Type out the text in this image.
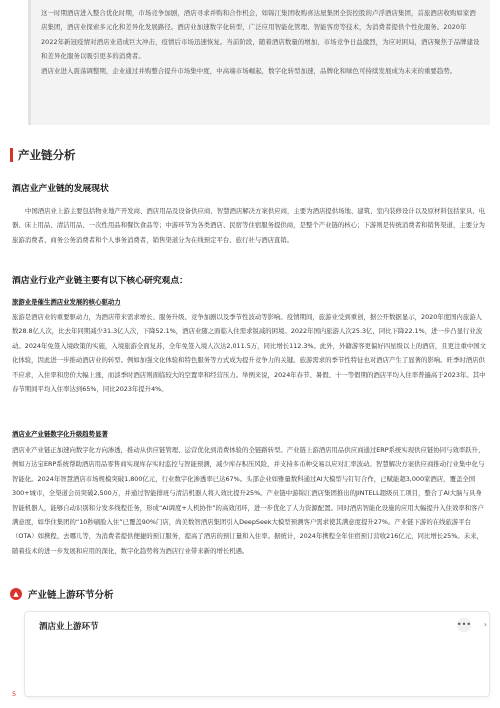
这一时期酒店进入整合优化时期，市场竞争加剧，酒店寻求并购和合作机会，如锦江集团收购喜达屋集团全资控股的卢浮酒店集团，首旅酒店收购如家酒店集团，酒店业探索多元化和差异化发展路径。酒店业加速数字化转型，广泛应用智能化管理、智能客房等技术，为消费者提供个性化服务。2020年2022年新冠疫情对酒店业造成巨大冲击，疫情后市场迅速恢复。当前阶段，随着酒店数量的增加，市场竞争日益激烈，为应对困局，酒店聚焦于品牌建设和差异化服务以吸引更多的消费者。

酒店业进入震荡调整期，企业通过并购整合提升市场集中度，中高端市场崛起，数字化转型加速，品牌化和绿色可持续发展成为未来的重要趋势。

产业链分析
酒店业产业链的发展现状
中国酒店业上游主要包括物业地产开发商、酒店用品及设备供应商、智慧酒店解决方案供应商，主要为酒店提供场地、建筑、室内装修设计以及原材料包括家具、电器、床上用品、清洁用品、一次性用品和餐饮食品等；中游环节为各类酒店、民宿等住宿服务提供商，是整个产业链的核心；下游则是传统消费者和销售渠道，主要分为旅游消费者、商务公务消费者和个人事务消费者，销售渠道分为在线预定平台、旅行社与酒店直销。
酒店业行业产业链主要有以下核心研究观点：
旅游业是催生酒店业发展的核心驱动力
旅游是酒店业的重要驱动力，为酒店带来需求增长、服务升级、竞争加剧以及季节性波动等影响。疫情期间，旅游业受到重创，据公开数据显示，2020年度国内旅游人数28.8亿人次，比去年同期减少31.3亿人次，下降52.1%，酒店业随之面临入住需求锐减的困境。2022年国内旅游人次25.3亿，同比下降22.1%，进一步凸显行业波动。2024年免签入境政策的实施，入境旅游全面复苏，全年免签入境人次达2,011.5万，同比增长112.3%。此外，外籍游客更偏好四星级以上的酒店，且更注重中国文化体验，因此进一步推动酒店业的转型。例如加强文化体验和特色服务等方式成为提升竞争力的关键。旅游需求的季节性特征也对酒店产生了显著的影响。旺季时酒店供不应求，入住率和房价大幅上涨，而淡季时酒店则面临较大的空置率和经营压力。举例来说，2024年春节、暑假、十一等假期的酒店平均入住率普遍高于2023年。其中春节期间平均入住率达到65%，同比2023年提升4%。
酒店业产业链数字化升级趋势显著
酒店业产业链正加速向数字化方向渗透，推动从供应链管理、运营优化到消费体验的全链路转型。产业链上游酒店用品供应商通过ERP系统实现供应链协同与效率跃升，例如万达宝ERP系统帮助酒店用品零售商实现库存实时监控与智能预测，减少库存积压风险，并支持多币种交易以应对汇率波动。智慧解决方案供应商推动行业集中化与智能化。2024年智慧酒店市场规模突破1,800亿元，行业数字化渗透率已达67%。头部企业如雅量数科通过AI大模型与钉钉合作，已赋能超3,000家酒店，覆盖全国300+城市，全渠道会员突破2,500万，并通过智能排班与清洁机器人将人效比提升25%。产业链中游锦江酒店集团推出的JINTELL超级员工项目，整合了AI大脑与具身智能机器人，能够自动识别和分发多线程任务，形成“AI调度+人机协作”的高效闭环，进一步优化了人力资源配置。同时酒店智能化设施的应用大幅提升入住效率和客户满意度，如华住集团的“10秒刷脸入住”已覆盖90%门店，尚美数智酒店集团引入DeepSeek大模型预测客户需求使其满意度提升27%。产业链下游的在线旅游平台（OTA）如携程、去哪儿等，为消费者提供便捷的预订服务，提高了酒店的预订量和入住率。据统计，2024年携程全年住宿预订营收216亿元，同比增长25%。未来，随着技术的进一步发展和应用的深化，数字化趋势将为酒店行业带来新的增长机遇。
▲ 产业链上游环节分析
酒店业上游环节	••• ›
5
